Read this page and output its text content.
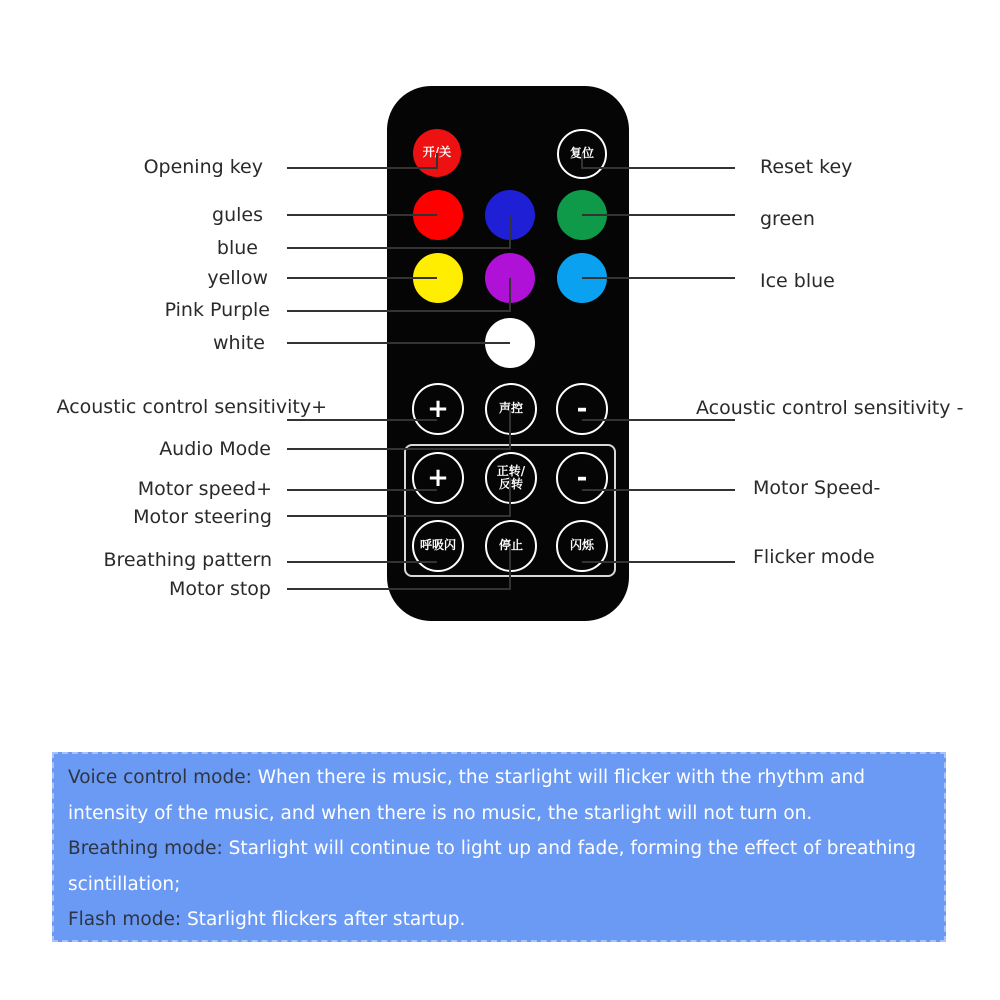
开/关	复位
+	声控	-
+	正转/
反转	-
呼吸闪	停止	闪烁
Opening key
gules
blue
yellow
Pink Purple
white
Acoustic control sensitivity+
Audio Mode
Motor speed+
Motor steering
Breathing pattern
Motor stop
Reset key
green
Ice blue
Acoustic control sensitivity -
Motor Speed-
Flicker mode
Voice control mode: When there is music, the starlight will flicker with the rhythm and intensity of the music, and when there is no music, the starlight will not turn on.
Breathing mode: Starlight will continue to light up and fade, forming the effect of breathing scintillation;
Flash mode: Starlight flickers after startup.
